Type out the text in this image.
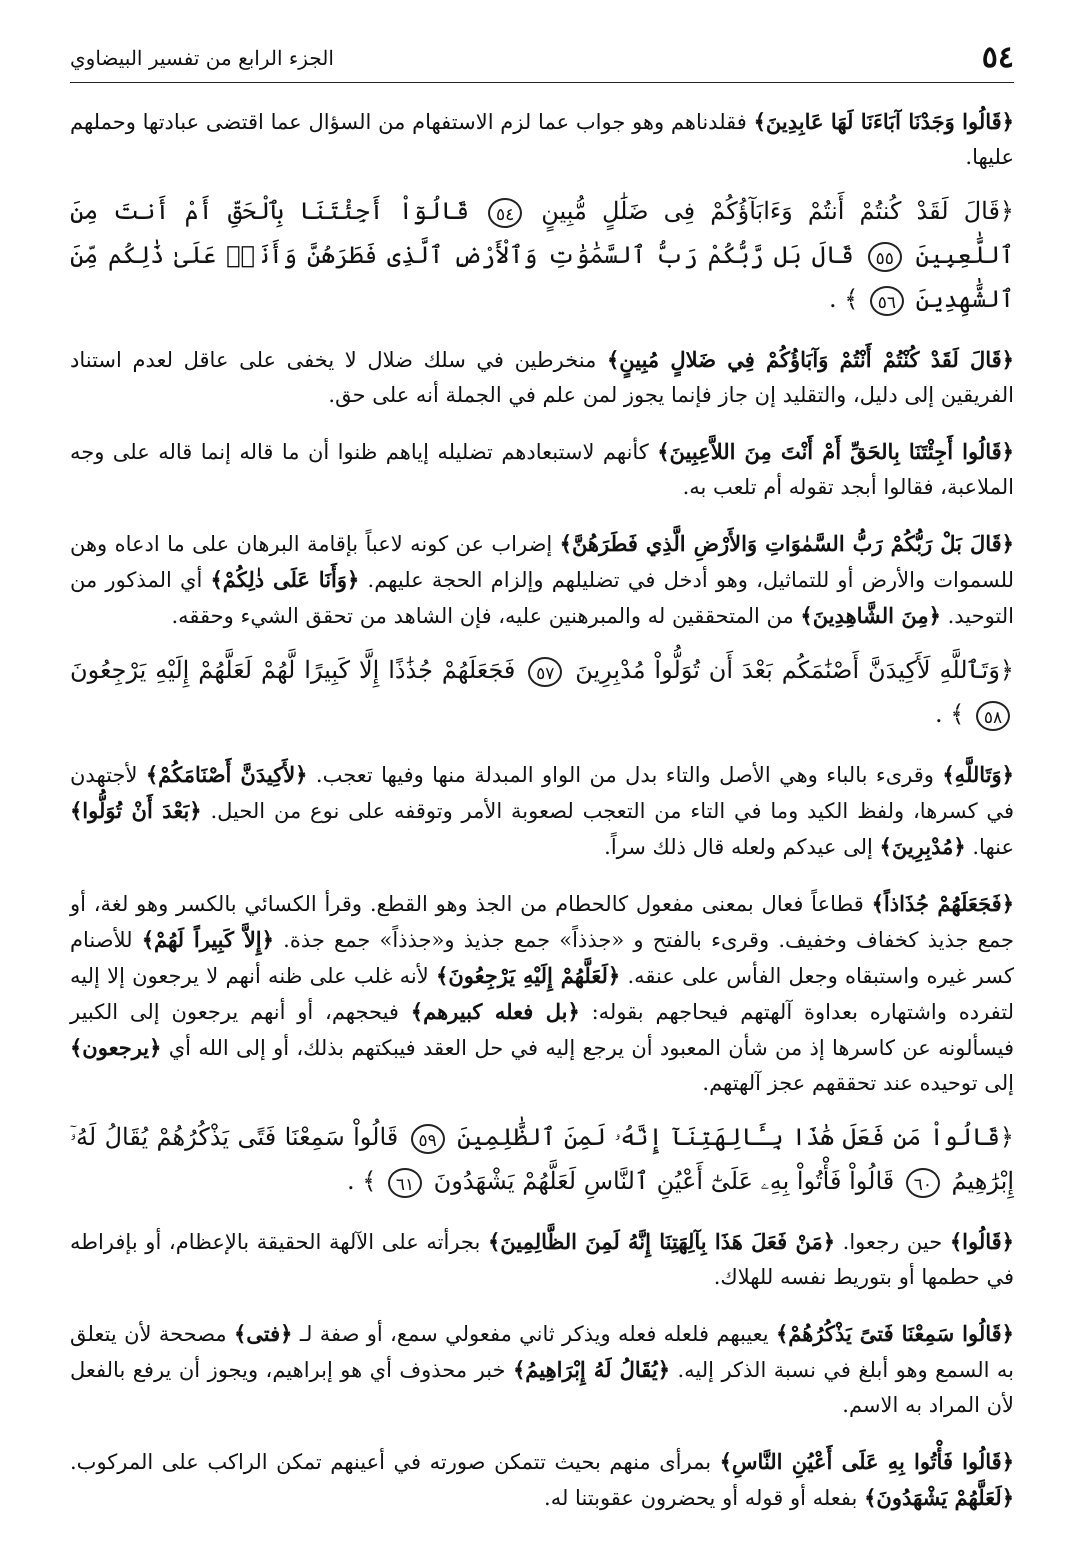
٥٤
الجزء الرابع من تفسير البيضاوي

﴿قَالُوا وَجَدْنَا آبَاءَنَا لَهَا عَابِدِينَ﴾ فقلدناهم وهو جواب عما لزم الاستفهام من السؤال عما اقتضى عبادتها وحملهم عليها.

﴿قَالَ لَقَدْ كُنتُمْ أَنتُمْ وَءَابَآؤُكُمْ فِى ضَلَٰلٍ مُّبِينٍ ٥٤ قَالُوٓاْ أَجِئْتَنَا بِٱلْحَقِّ أَمْ أَنتَ مِنَ ٱللَّٰعِبِينَ ٥٥ قَالَ بَل رَّبُّكُمْ رَبُّ ٱلسَّمَٰوَٰتِ وَٱلْأَرْضِ ٱلَّذِى فَطَرَهُنَّ وَأَنَا۠ عَلَىٰ ذَٰلِكُم مِّنَ ٱلشَّٰهِدِينَ ٥٦ ﴾ .

﴿قَالَ لَقَدْ كُنْتُمْ أَنْتُمْ وَآبَاؤُكُمْ فِي ضَلالٍ مُبِينٍ﴾ منخرطين في سلك ضلال لا يخفى على عاقل لعدم استناد الفريقين إلى دليل، والتقليد إن جاز فإنما يجوز لمن علم في الجملة أنه على حق.

﴿قَالُوا أَجِئْتَنَا بِالحَقِّ أَمْ أَنْتَ مِنَ اللاَّعِبِينَ﴾ كأنهم لاستبعادهم تضليله إياهم ظنوا أن ما قاله إنما قاله على وجه الملاعبة، فقالوا أبجد تقوله أم تلعب به.

﴿قَالَ بَلْ رَبُّكُمْ رَبُّ السَّمٰوَاتِ وَالأَرْضِ الَّذِي فَطَرَهُنَّ﴾ إضراب عن كونه لاعباً بإقامة البرهان على ما ادعاه وهن للسموات والأرض أو للتماثيل، وهو أدخل في تضليلهم وإلزام الحجة عليهم. ﴿وَأَنَا عَلَى ذٰلِكُمْ﴾ أي المذكور من التوحيد. ﴿مِنَ الشَّاهِدِينَ﴾ من المتحققين له والمبرهنين عليه، فإن الشاهد من تحقق الشيء وحققه.

﴿وَتَٱللَّهِ لَأَكِيدَنَّ أَصْنَٰمَكُم بَعْدَ أَن تُوَلُّواْ مُدْبِرِينَ ٥٧ فَجَعَلَهُمْ جُذَٰذًا إِلَّا كَبِيرًا لَّهُمْ لَعَلَّهُمْ إِلَيْهِ يَرْجِعُونَ ٥٨ ﴾ .

﴿وَتَاللَّهِ﴾ وقرىء بالباء وهي الأصل والتاء بدل من الواو المبدلة منها وفيها تعجب. ﴿لأَكِيدَنَّ أَصْنَامَكُمْ﴾ لأجتهدن في كسرها، ولفظ الكيد وما في التاء من التعجب لصعوبة الأمر وتوقفه على نوع من الحيل. ﴿بَعْدَ أَنْ تُوَلُّوا﴾ عنها. ﴿مُدْبِرِينَ﴾ إلى عيدكم ولعله قال ذلك سراً.

﴿فَجَعَلَهُمْ جُذَاذاً﴾ قطاعاً فعال بمعنى مفعول كالحطام من الجذ وهو القطع. وقرأ الكسائي بالكسر وهو لغة، أو جمع جذيذ كخفاف وخفيف. وقرىء بالفتح و «جذذاً» جمع جذيذ و«جذذاً» جمع جذة. ﴿إِلاَّ كَبِيراً لَهُمْ﴾ للأصنام كسر غيره واستبقاه وجعل الفأس على عنقه. ﴿لَعَلَّهُمْ إِلَيْهِ يَرْجِعُونَ﴾ لأنه غلب على ظنه أنهم لا يرجعون إلا إليه لتفرده واشتهاره بعداوة آلهتهم فيحاجهم بقوله: ﴿بل فعله كبيرهم﴾ فيحجهم، أو أنهم يرجعون إلى الكبير فيسألونه عن كاسرها إذ من شأن المعبود أن يرجع إليه في حل العقد فيبكتهم بذلك، أو إلى الله أي ﴿يرجعون﴾ إلى توحيده عند تحققهم عجز آلهتهم.

﴿قَالُواْ مَن فَعَلَ هَٰذَا بِـَٔالِهَتِنَآ إِنَّهُۥ لَمِنَ ٱلظَّٰلِمِينَ ٥٩ قَالُواْ سَمِعْنَا فَتًى يَذْكُرُهُمْ يُقَالُ لَهُۥٓ إِبْرَٰهِيمُ ٦٠ قَالُواْ فَأْتُواْ بِهِۦ عَلَىٰٓ أَعْيُنِ ٱلنَّاسِ لَعَلَّهُمْ يَشْهَدُونَ ٦١ ﴾ .

﴿قَالُوا﴾ حين رجعوا. ﴿مَنْ فَعَلَ هَذَا بِآلِهَتِنَا إِنَّهُ لَمِنَ الظَّالِمِينَ﴾ بجرأته على الآلهة الحقيقة بالإعظام، أو بإفراطه في حطمها أو بتوريط نفسه للهلاك.

﴿قَالُوا سَمِعْنَا فَتىً يَذْكُرُهُمْ﴾ يعيبهم فلعله فعله ويذكر ثاني مفعولي سمع، أو صفة لـ ﴿فتى﴾ مصححة لأن يتعلق به السمع وهو أبلغ في نسبة الذكر إليه. ﴿يُقَالُ لَهُ إِبْرَاهِيمُ﴾ خبر محذوف أي هو إبراهيم، ويجوز أن يرفع بالفعل لأن المراد به الاسم.

﴿قَالُوا فَأْتُوا بِهِ عَلَى أَعْيُنِ النَّاسِ﴾ بمرأى منهم بحيث تتمكن صورته في أعينهم تمكن الراكب على المركوب. ﴿لَعَلَّهُمْ يَشْهَدُونَ﴾ بفعله أو قوله أو يحضرون عقوبتنا له.
